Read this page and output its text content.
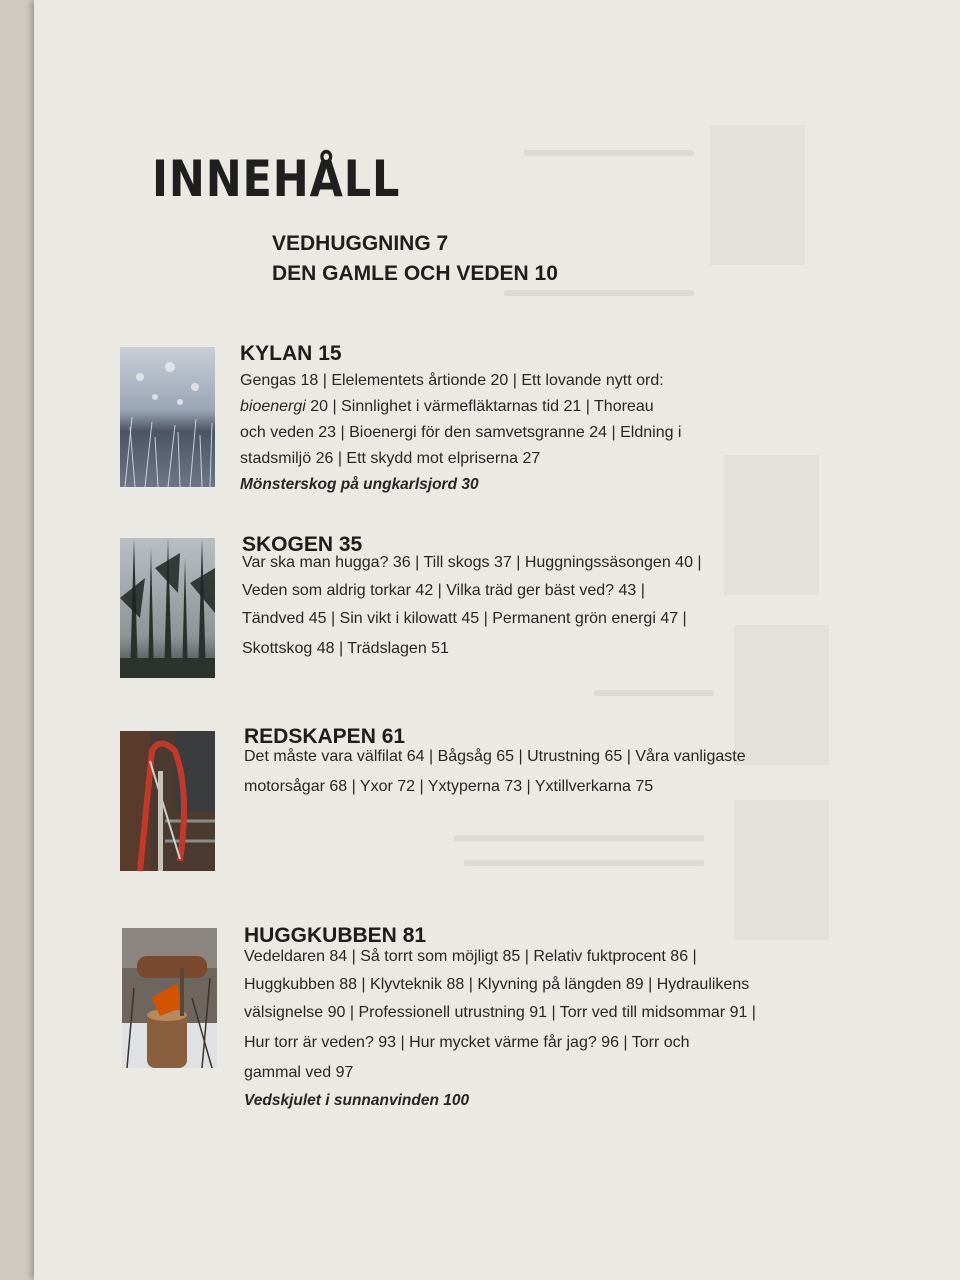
INNEHÅLL
VEDHUGGNING 7
DEN GAMLE OCH VEDEN 10
KYLAN 15
Gengas 18 | Elelementets årtionde 20 | Ett lovande nytt ord:
bioenergi 20 | Sinnlighet i värmefläktarnas tid 21 | Thoreau
och veden 23 | Bioenergi för den samvetsgranne 24 | Eldning i
stadsmiljö 26 | Ett skydd mot elpriserna 27
Mönsterskog på ungkarlsjord 30
SKOGEN 35
Var ska man hugga? 36 | Till skogs 37 | Huggningssäsongen 40 |
Veden som aldrig torkar 42 | Vilka träd ger bäst ved? 43 |
Tändved 45 | Sin vikt i kilowatt 45 | Permanent grön energi 47 |
Skottskog 48 | Trädslagen 51
REDSKAPEN 61
Det måste vara välfilat 64 | Bågsåg 65 | Utrustning 65 | Våra vanligaste
motorsågar 68 | Yxor 72 | Yxtyperna 73 | Yxtillverkarna 75
HUGGKUBBEN 81
Vedeldaren 84 | Så torrt som möjligt 85 | Relativ fuktprocent 86 |
Huggkubben 88 | Klyvteknik 88 | Klyvning på längden 89 | Hydraulikens
välsignelse 90 | Professionell utrustning 91 | Torr ved till midsommar 91 |
Hur torr är veden? 93 | Hur mycket värme får jag? 96 | Torr och
gammal ved 97
Vedskjulet i sunnanvinden 100
